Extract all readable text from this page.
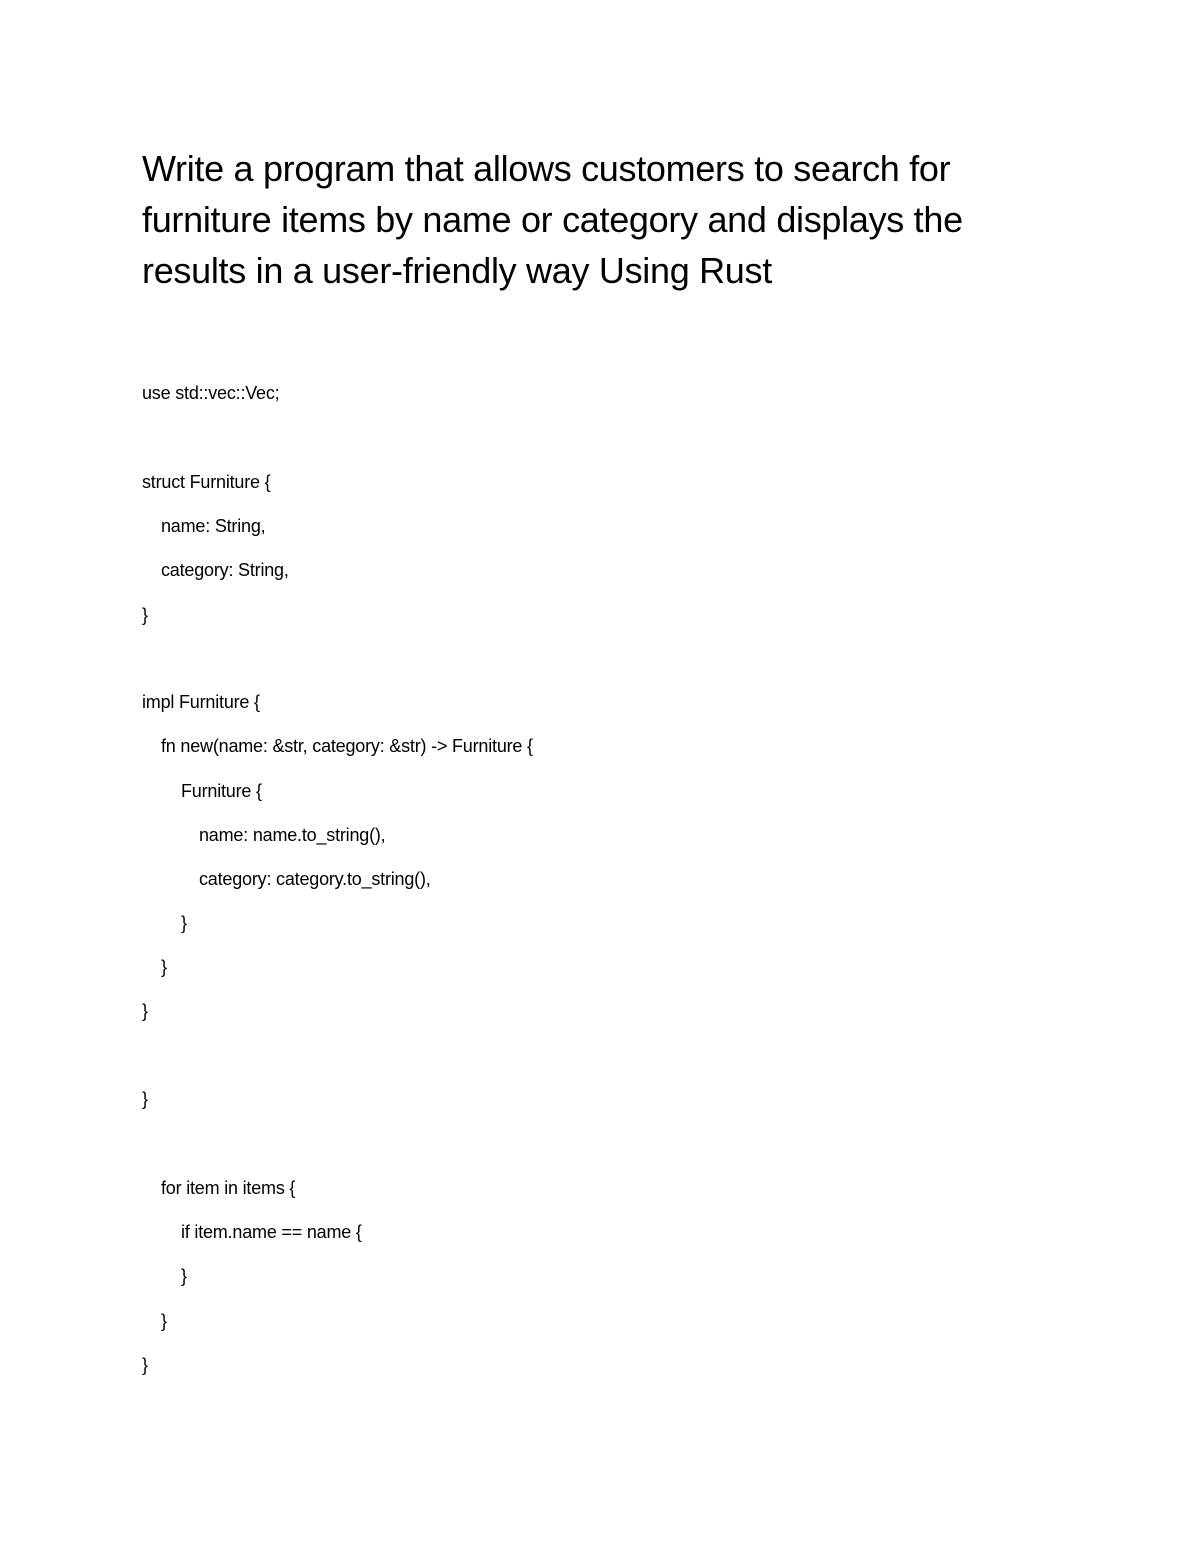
Write a program that allows customers to search for
furniture items by name or category and displays the
results in a user-friendly way Using Rust
use std::vec::Vec;
struct Furniture {
name: String,
category: String,
}
impl Furniture {
fn new(name: &str, category: &str) -> Furniture {
Furniture {
name: name.to_string(),
category: category.to_string(),
}
}
}
}
for item in items {
if item.name == name {
}
}
}
